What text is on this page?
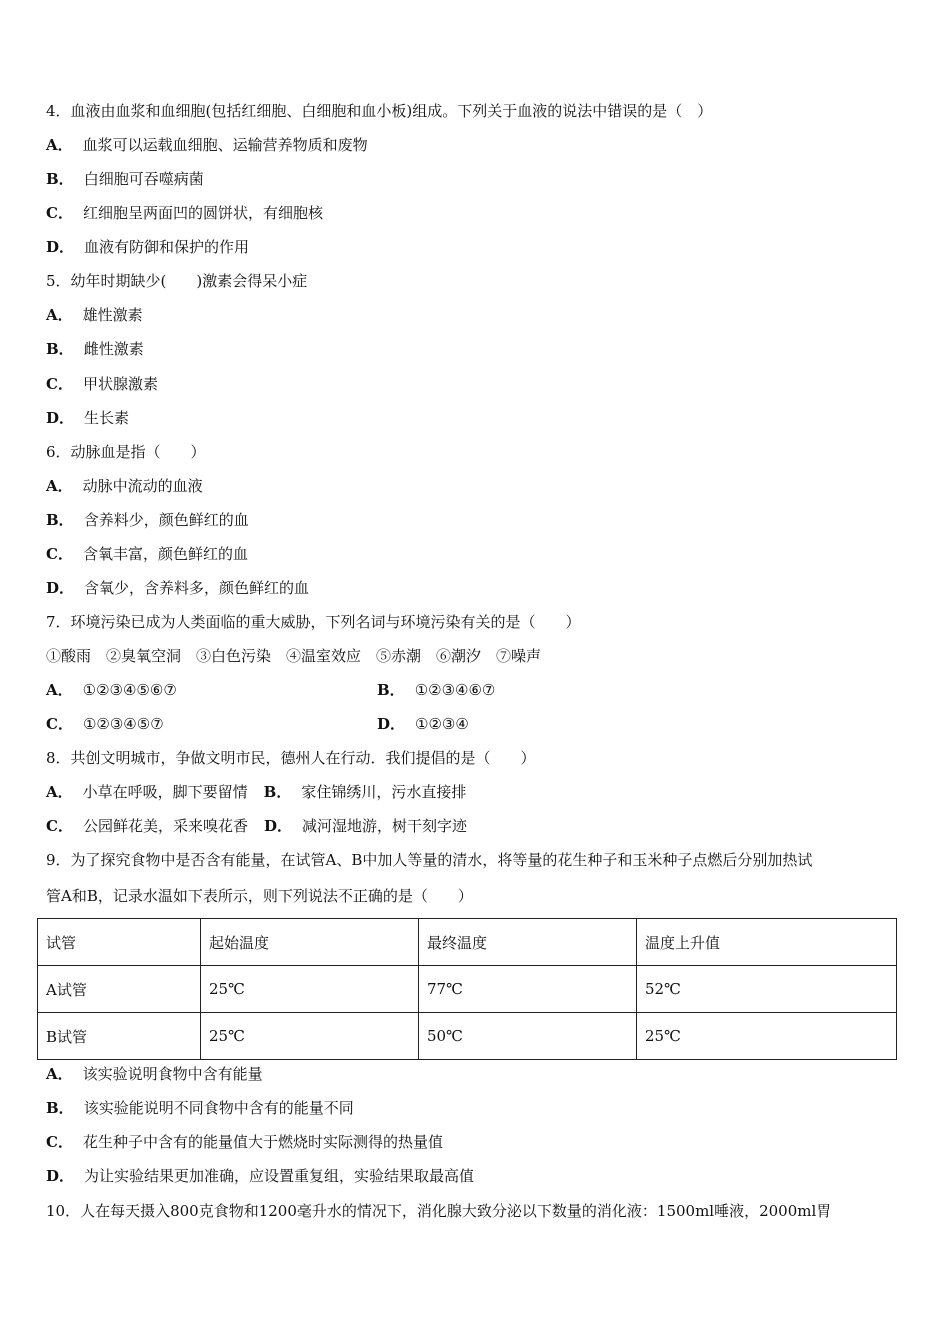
4．血液由血浆和血细胞(包括红细胞、白细胞和血小板)组成。下列关于血液的说法中错误的是（　）
A． 血浆可以运载血细胞、运输营养物质和废物
B． 白细胞可吞噬病菌
C． 红细胞呈两面凹的圆饼状，有细胞核
D． 血液有防御和保护的作用
5．幼年时期缺少(　　)激素会得呆小症
A． 雄性激素
B． 雌性激素
C． 甲状腺激素
D． 生长素
6．动脉血是指（　　）
A． 动脉中流动的血液
B． 含养料少，颜色鲜红的血
C． 含氧丰富，颜色鲜红的血
D． 含氧少，含养料多，颜色鲜红的血
7．环境污染已成为人类面临的重大威胁，下列名词与环境污染有关的是（　　）
①酸雨　②臭氧空洞　③白色污染　④温室效应　⑤赤潮　⑥潮汐　⑦噪声
A． ①②③④⑤⑥⑦	B． ①②③④⑥⑦
C． ①②③④⑤⑦	D． ①②③④
8．共创文明城市，争做文明市民，德州人在行动．我们提倡的是（　　）
A． 小草在呼吸，脚下要留情 B． 家住锦绣川，污水直接排
C． 公园鲜花美，采来嗅花香 D． 减河湿地游，树干刻字迹
9．为了探究食物中是否含有能量，在试管A、B中加人等量的清水，将等量的花生种子和玉米种子点燃后分别加热试
管A和B，记录水温如下表所示，则下列说法不正确的是（　　）
试管	起始温度	最终温度	温度上升值
A试管	25℃	77℃	52℃
B试管	25℃	50℃	25℃
A． 该实验说明食物中含有能量
B． 该实验能说明不同食物中含有的能量不同
C． 花生种子中含有的能量值大于燃烧时实际测得的热量值
D． 为让实验结果更加准确，应设置重复组，实验结果取最高值
10．人在每天摄入800克食物和1200毫升水的情况下，消化腺大致分泌以下数量的消化液：1500ml唾液，2000ml胃
